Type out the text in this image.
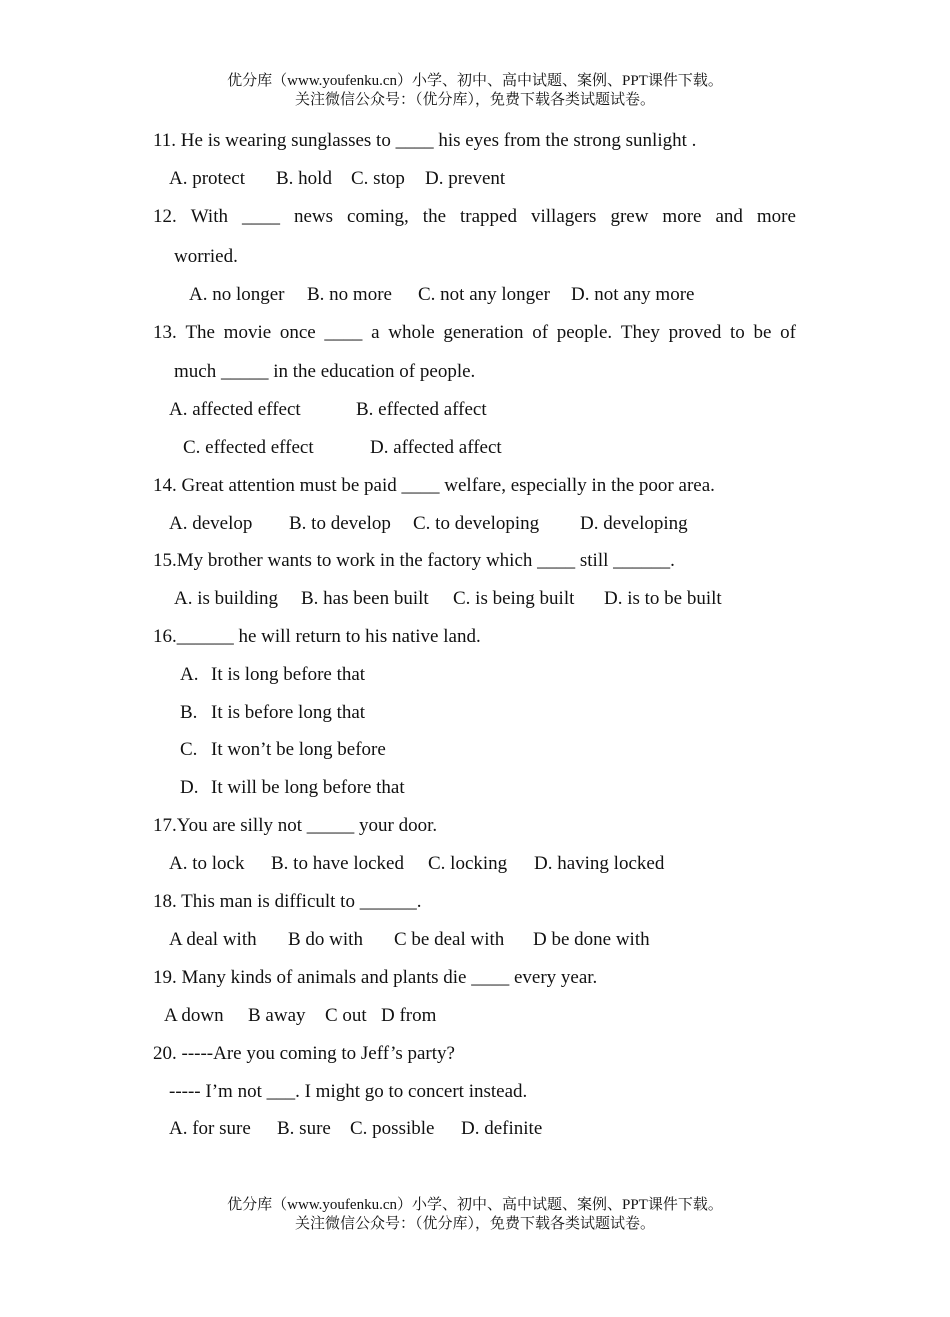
优分库（www.youfenku.cn）小学、初中、高中试题、案例、PPT课件下载。
关注微信公众号：（优分库），免费下载各类试题试卷。
11. He is wearing sunglasses to ____ his eyes from the strong sunlight .
A. protect B. hold C. stop D. prevent
12. With ____ news coming, the trapped villagers grew more and more
worried.
A. no longer B. no more C. not any longer D. not any more
13. The movie once ____ a whole generation of people. They proved to be of
much _____ in the education of people.
A. affected effect	B. effected affect
C. effected effect	D. affected affect
14. Great attention must be paid ____ welfare, especially in the poor area.
A. develop B. to develop C. to developing D. developing
15.My brother wants to work in the factory which ____ still ______.
A. is building B. has been built C. is being built D. is to be built
16.______ he will return to his native land.
A. It is long before that
B. It is before long that
C. It won’t be long before
D. It will be long before that
17.You are silly not _____ your door.
A. to lock B. to have locked C. locking D. having locked
18. This man is difficult to ______.
A deal with B do with C be deal with D be done with
19. Many kinds of animals and plants die ____ every year.
A down B away C out D from
20. -----Are you coming to Jeff’s party?
----- I’m not ___. I might go to concert instead.
A. for sure B. sure C. possible D. definite
优分库（www.youfenku.cn）小学、初中、高中试题、案例、PPT课件下载。
关注微信公众号：（优分库），免费下载各类试题试卷。
